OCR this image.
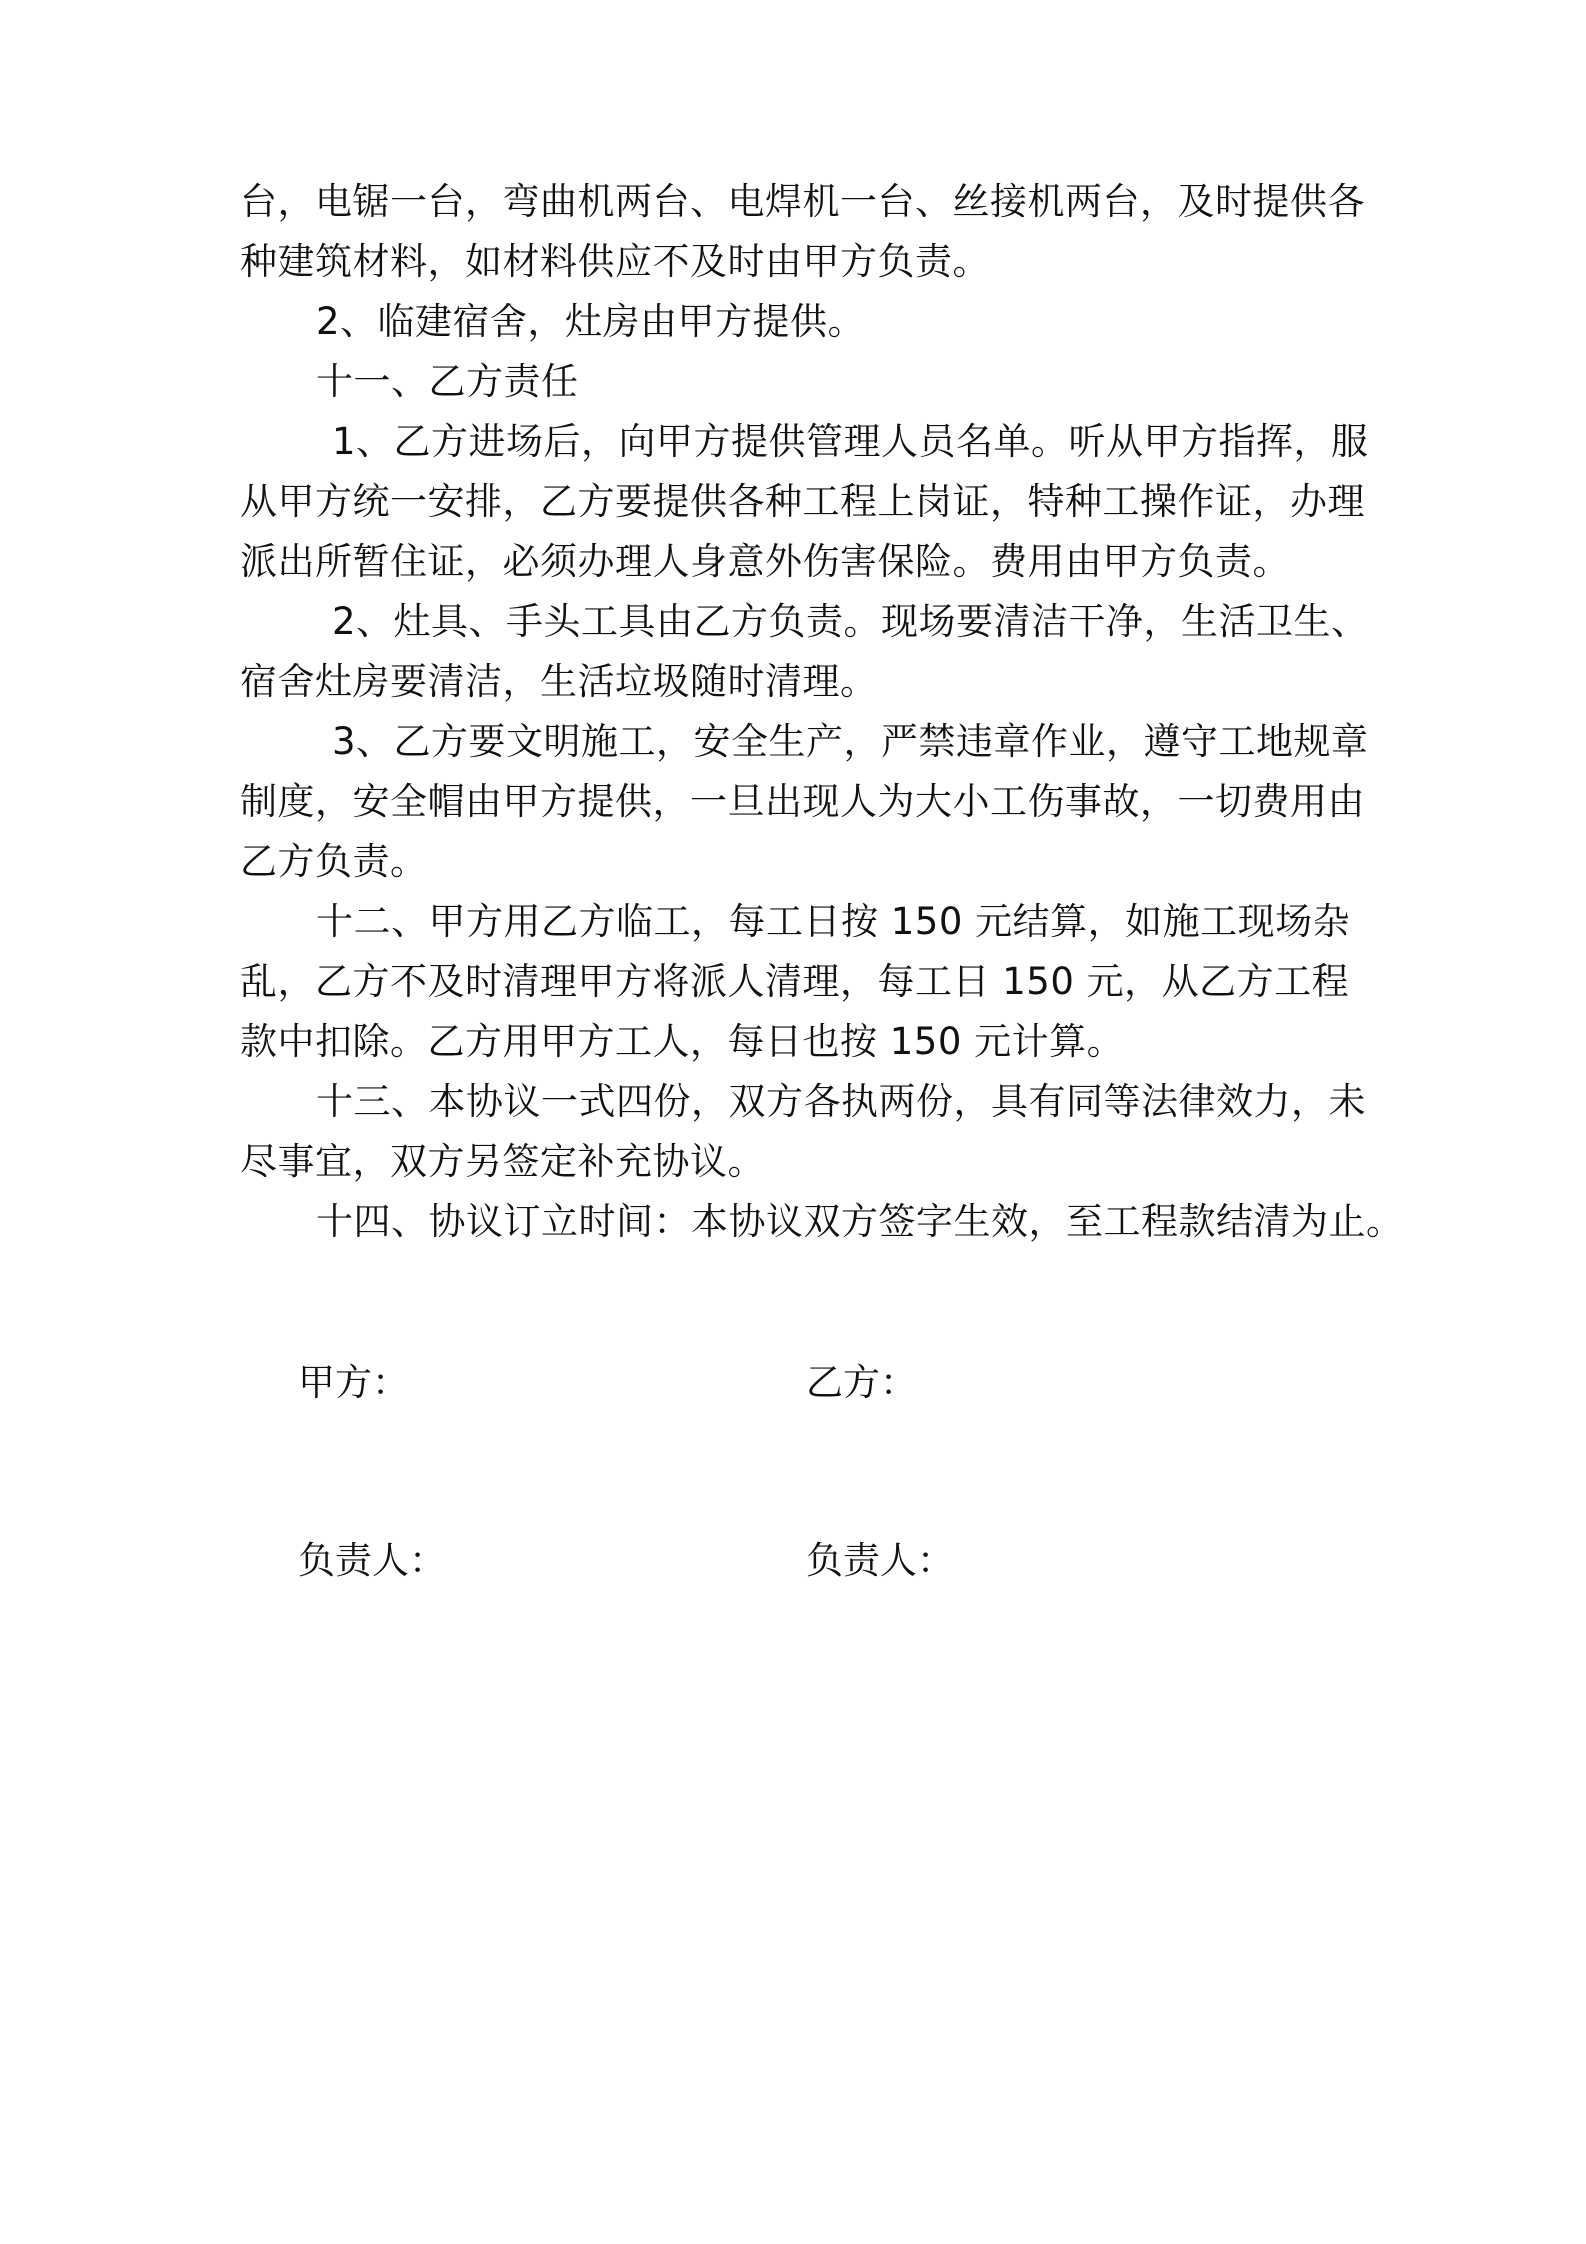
台，电锯一台，弯曲机两台、电焊机一台、丝接机两台，及时提供各
种建筑材料，如材料供应不及时由甲方负责。
2、临建宿舍，灶房由甲方提供。
十一、乙方责任
1、乙方进场后，向甲方提供管理人员名单。听从甲方指挥，服
从甲方统一安排，乙方要提供各种工程上岗证，特种工操作证，办理
派出所暂住证，必须办理人身意外伤害保险。费用由甲方负责。
2、灶具、手头工具由乙方负责。现场要清洁干净，生活卫生、
宿舍灶房要清洁，生活垃圾随时清理。
3、乙方要文明施工，安全生产，严禁违章作业，遵守工地规章
制度，安全帽由甲方提供，一旦出现人为大小工伤事故，一切费用由
乙方负责。
十二、甲方用乙方临工，每工日按 150 元结算，如施工现场杂
乱，乙方不及时清理甲方将派人清理，每工日 150 元，从乙方工程
款中扣除。乙方用甲方工人，每日也按 150 元计算。
十三、本协议一式四份，双方各执两份，具有同等法律效力，未
尽事宜，双方另签定补充协议。
十四、协议订立时间：本协议双方签字生效，至工程款结清为止。
甲方：	乙方：
负责人：	负责人：
